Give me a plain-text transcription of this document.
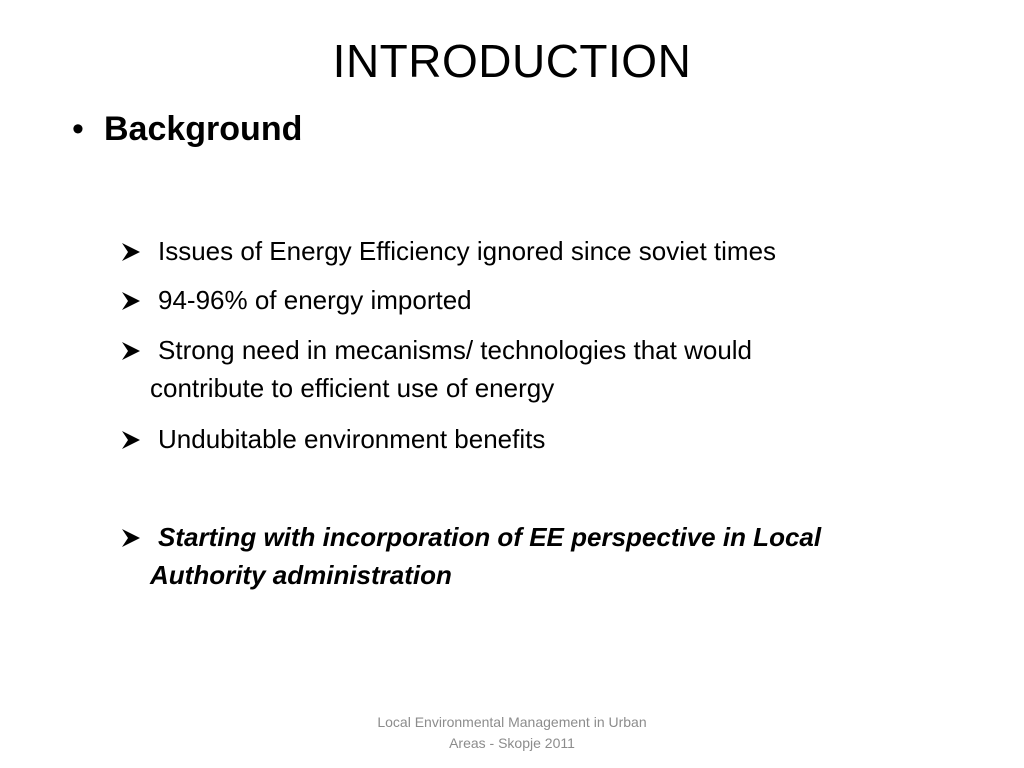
INTRODUCTION
• Background
Issues of Energy Efficiency ignored since soviet times
94-96% of energy imported
Strong need in mecanisms/ technologies that would
contribute to efficient use of energy
Undubitable environment benefits
Starting with incorporation of EE perspective in Local
Authority administration
Local Environmental Management in Urban
Areas - Skopje 2011
